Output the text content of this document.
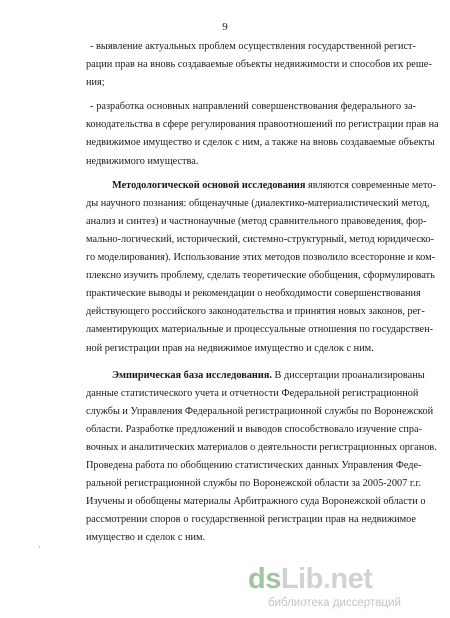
9
- выявление актуальных проблем осуществления государственной регист-
рации прав на вновь создаваемые объекты недвижимости и способов их реше-
ния;
- разработка основных направлений совершенствования федерального за-
конодательства в сфере регулирования правоотношений по регистрации прав на
недвижимое имущество и сделок с ним, а также на вновь создаваемые объекты
недвижимого имущества.
Методологической основой исследования являются современные мето-
ды научного познания: общенаучные (диалектико-материалистический метод,
анализ и синтез) и частнонаучные (метод сравнительного правоведения, фор-
мально-логический, исторический, системно-структурный, метод юридическо-
го моделирования). Использование этих методов позволило всесторонне и ком-
плексно изучить проблему, сделать теоретические обобщения, сформулировать
практические выводы и рекомендации о необходимости совершенствования
действующего российского законодательства и принятия новых законов, рег-
ламентирующих материальные и процессуальные отношения по государствен-
ной регистрации прав на недвижимое имущество и сделок с ним.
Эмпирическая база исследования. В диссертации проанализированы
данные статистического учета и отчетности Федеральной регистрационной
службы и Управления Федеральной регистрационной службы по Воронежской
области. Разработке предложений и выводов способствовало изучение спра-
вочных и аналитических материалов о деятельности регистрационных органов.
Проведена работа по обобщению статистических данных Управления Феде-
ральной регистрационной службы по Воронежской области за 2005-2007 г.г.
Изучены и обобщены материалы Арбитражного суда Воронежской области о
рассмотрении споров о государственной регистрации прав на недвижимое
имущество и сделок с ним.
·
dsLib.net
библиотека диссертаций
